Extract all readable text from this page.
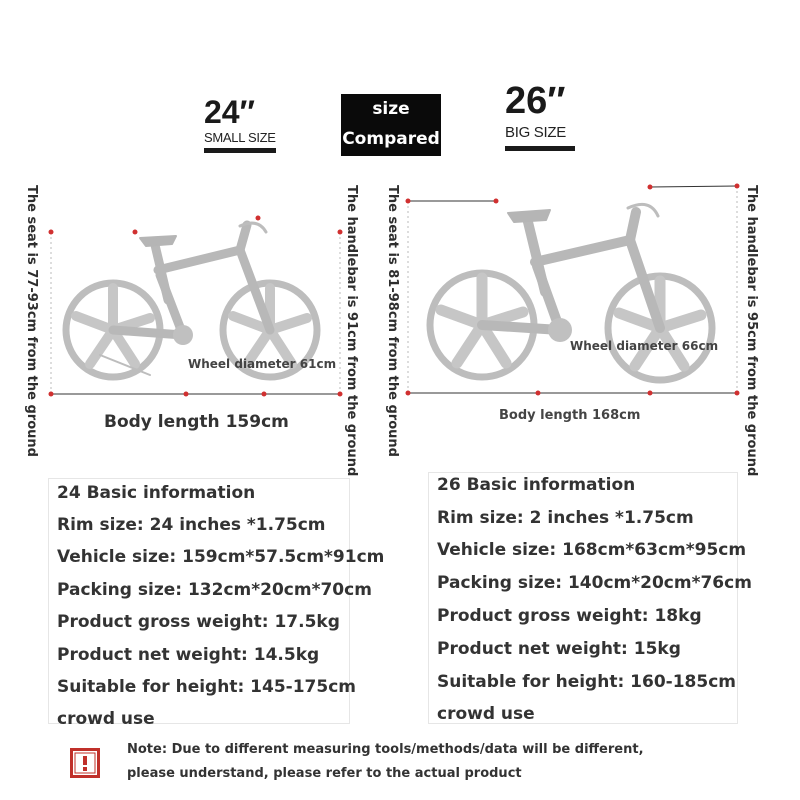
24″
SMALL SIZE
size
Compared
26″
BIG SIZE
The seat is 77-93cm from the ground	The handlebar is 91cm from the ground The seat is 81-98cm from the ground	The handlebar is 95cm from the ground
Wheel diameter 61cm
Wheel diameter 66cm
Body length 159cm	Body length 168cm
24 Basic information
Rim size: 24 inches *1.75cm
Vehicle size: 159cm*57.5cm*91cm
Packing size: 132cm*20cm*70cm
Product gross weight: 17.5kg
Product net weight: 14.5kg
Suitable for height: 145-175cm
crowd use
26 Basic information
Rim size: 2 inches *1.75cm
Vehicle size: 168cm*63cm*95cm
Packing size: 140cm*20cm*76cm
Product gross weight: 18kg
Product net weight: 15kg
Suitable for height: 160-185cm
crowd use
Note: Due to different measuring tools/methods/data will be different,
please understand, please refer to the actual product
